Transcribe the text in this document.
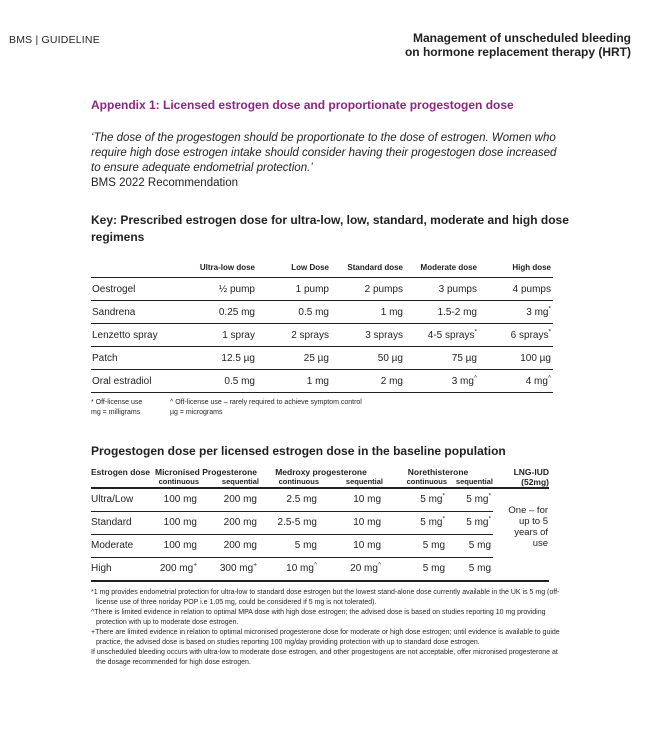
BMS | GUIDELINE	Management of unscheduled bleeding
on hormone replacement therapy (HRT)
Appendix 1: Licensed estrogen dose and proportionate progestogen dose

‘The dose of the progestogen should be proportionate to the dose of estrogen. Women who require high dose estrogen intake should consider having their progestogen dose increased to ensure adequate endometrial protection.’

BMS 2022 Recommendation

Key: Prescribed estrogen dose for ultra-low, low, standard, moderate and high dose regimens
	Ultra-low dose	Low Dose	Standard dose	Moderate dose	High dose
Oestrogel	½ pump	1 pump	2 pumps	3 pumps	4 pumps
Sandrena	0.25 mg	0.5 mg	1 mg	1.5-2 mg	3 mg*
Lenzetto spray	1 spray	2 sprays	3 sprays	4-5 sprays*	6 sprays*
Patch	12.5 µg	25 µg	50 µg	75 µg	100 µg
Oral estradiol	0.5 mg	1 mg	2 mg	3 mg^	4 mg^
* Off-license use
mg = milligrams
^ Off-license use – rarely required to achieve symptom control
µg = micrograms
Progestogen dose per licensed estrogen dose in the baseline population
Estrogen dose	Micronised Progesterone		Medroxy progesterone		Norethisterone		LNG-IUD
(52mg)

	continuous	sequential	continuous	sequential	continuous	sequential	
Ultra/Low	100 mg	200 mg	2.5 mg	10 mg	5 mg*	5 mg*	One – for up to 5 years of use
Standard	100 mg	200 mg	2.5-5 mg	10 mg	5 mg*	5 mg*
Moderate	100 mg	200 mg	5 mg	10 mg	5 mg	5 mg	
High	200 mg+	300 mg+	10 mg^	20 mg^	5 mg	5 mg	

*1 mg provides endometrial protection for ultra-low to standard dose estrogen but the lowest stand-alone dose currently available in the UK is 5 mg (off-license use of three noriday POP i.e 1.05 mg, could be considered if 5 mg is not tolerated).

^There is limited evidence in relation to optimal MPA dose with high dose estrogen; the advised dose is based on studies reporting 10 mg providing protection with up to moderate dose estrogen.

+There are limited evidence in relation to optimal micronised progesterone dose for moderate or high dose estrogen; until evidence is available to guide practice, the advised dose is based on studies reporting 100 mg/day providing protection with up to standard dose estrogen.

If unscheduled bleeding occurs with ultra-low to moderate dose estrogen, and other progestogens are not acceptable, offer micronised progesterone at the dosage recommended for high dose estrogen.
